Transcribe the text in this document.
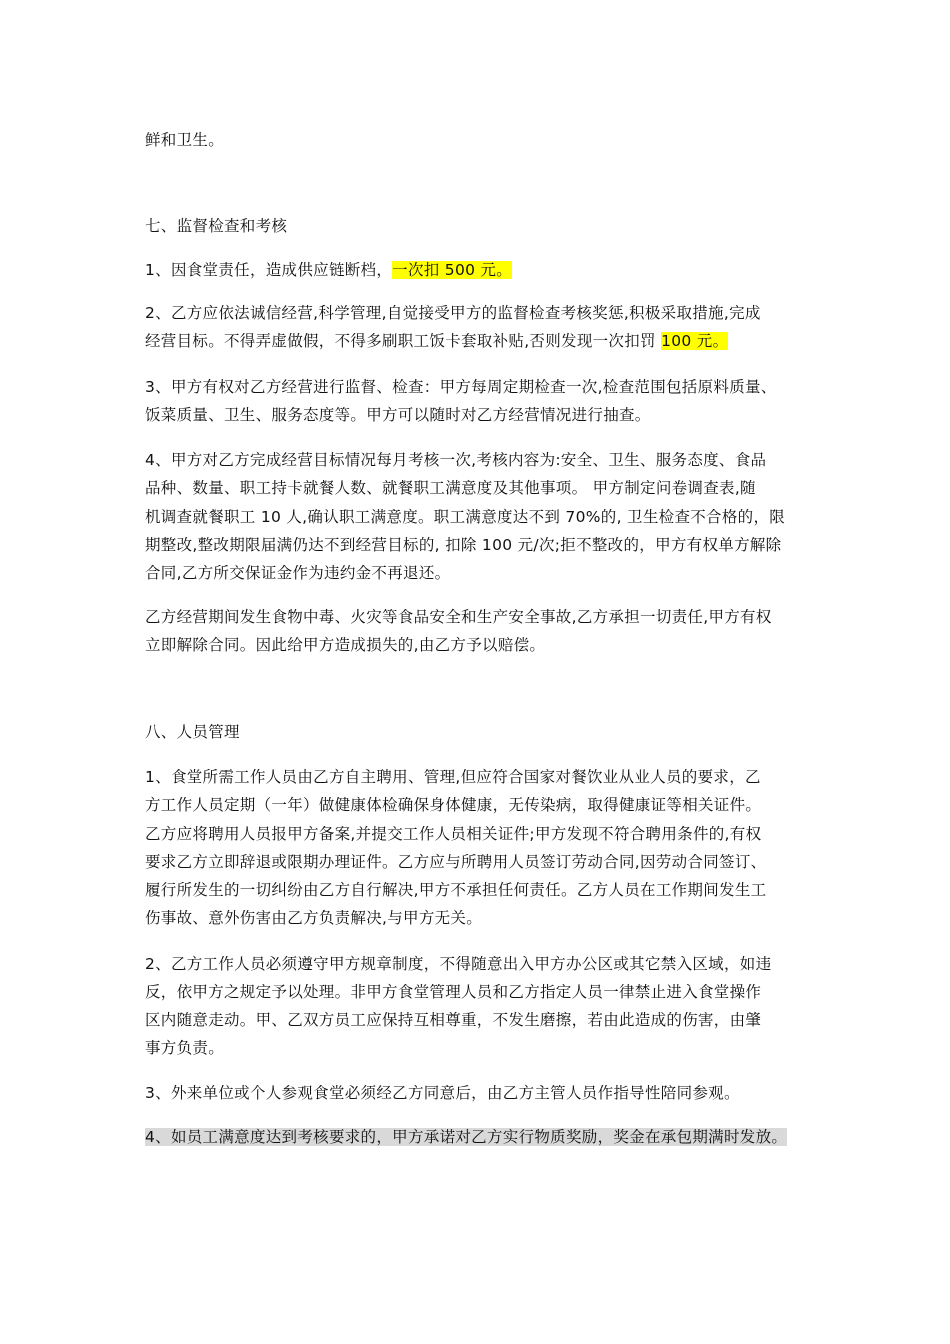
鲜和卫生。
七、监督检查和考核
1、因食堂责任，造成供应链断档，一次扣 500 元。
2、乙方应依法诚信经营,科学管理,自觉接受甲方的监督检查考核奖惩,积极采取措施,完成
经营目标。不得弄虚做假，不得多刷职工饭卡套取补贴,否则发现一次扣罚 100 元。
3、甲方有权对乙方经营进行监督、检查：甲方每周定期检查一次,检查范围包括原料质量、
饭菜质量、卫生、服务态度等。甲方可以随时对乙方经营情况进行抽查。
4、甲方对乙方完成经营目标情况每月考核一次,考核内容为:安全、卫生、服务态度、食品
品种、数量、职工持卡就餐人数、就餐职工满意度及其他事项。 甲方制定问卷调查表,随
机调查就餐职工 10 人,确认职工满意度。职工满意度达不到 70%的, 卫生检查不合格的，限
期整改,整改期限届满仍达不到经营目标的, 扣除 100 元/次;拒不整改的，甲方有权单方解除
合同,乙方所交保证金作为违约金不再退还。
乙方经营期间发生食物中毒、火灾等食品安全和生产安全事故,乙方承担一切责任,甲方有权
立即解除合同。因此给甲方造成损失的,由乙方予以赔偿。
八、人员管理
1、食堂所需工作人员由乙方自主聘用、管理,但应符合国家对餐饮业从业人员的要求，乙
方工作人员定期（一年）做健康体检确保身体健康，无传染病，取得健康证等相关证件。
乙方应将聘用人员报甲方备案,并提交工作人员相关证件;甲方发现不符合聘用条件的,有权
要求乙方立即辞退或限期办理证件。乙方应与所聘用人员签订劳动合同,因劳动合同签订、
履行所发生的一切纠纷由乙方自行解决,甲方不承担任何责任。乙方人员在工作期间发生工
伤事故、意外伤害由乙方负责解决,与甲方无关。
2、乙方工作人员必须遵守甲方规章制度，不得随意出入甲方办公区或其它禁入区域，如违
反，依甲方之规定予以处理。非甲方食堂管理人员和乙方指定人员一律禁止进入食堂操作
区内随意走动。甲、乙双方员工应保持互相尊重，不发生磨擦，若由此造成的伤害，由肇
事方负责。
3、外来单位或个人参观食堂必须经乙方同意后，由乙方主管人员作指导性陪同参观。
4、如员工满意度达到考核要求的，甲方承诺对乙方实行物质奖励，奖金在承包期满时发放。
